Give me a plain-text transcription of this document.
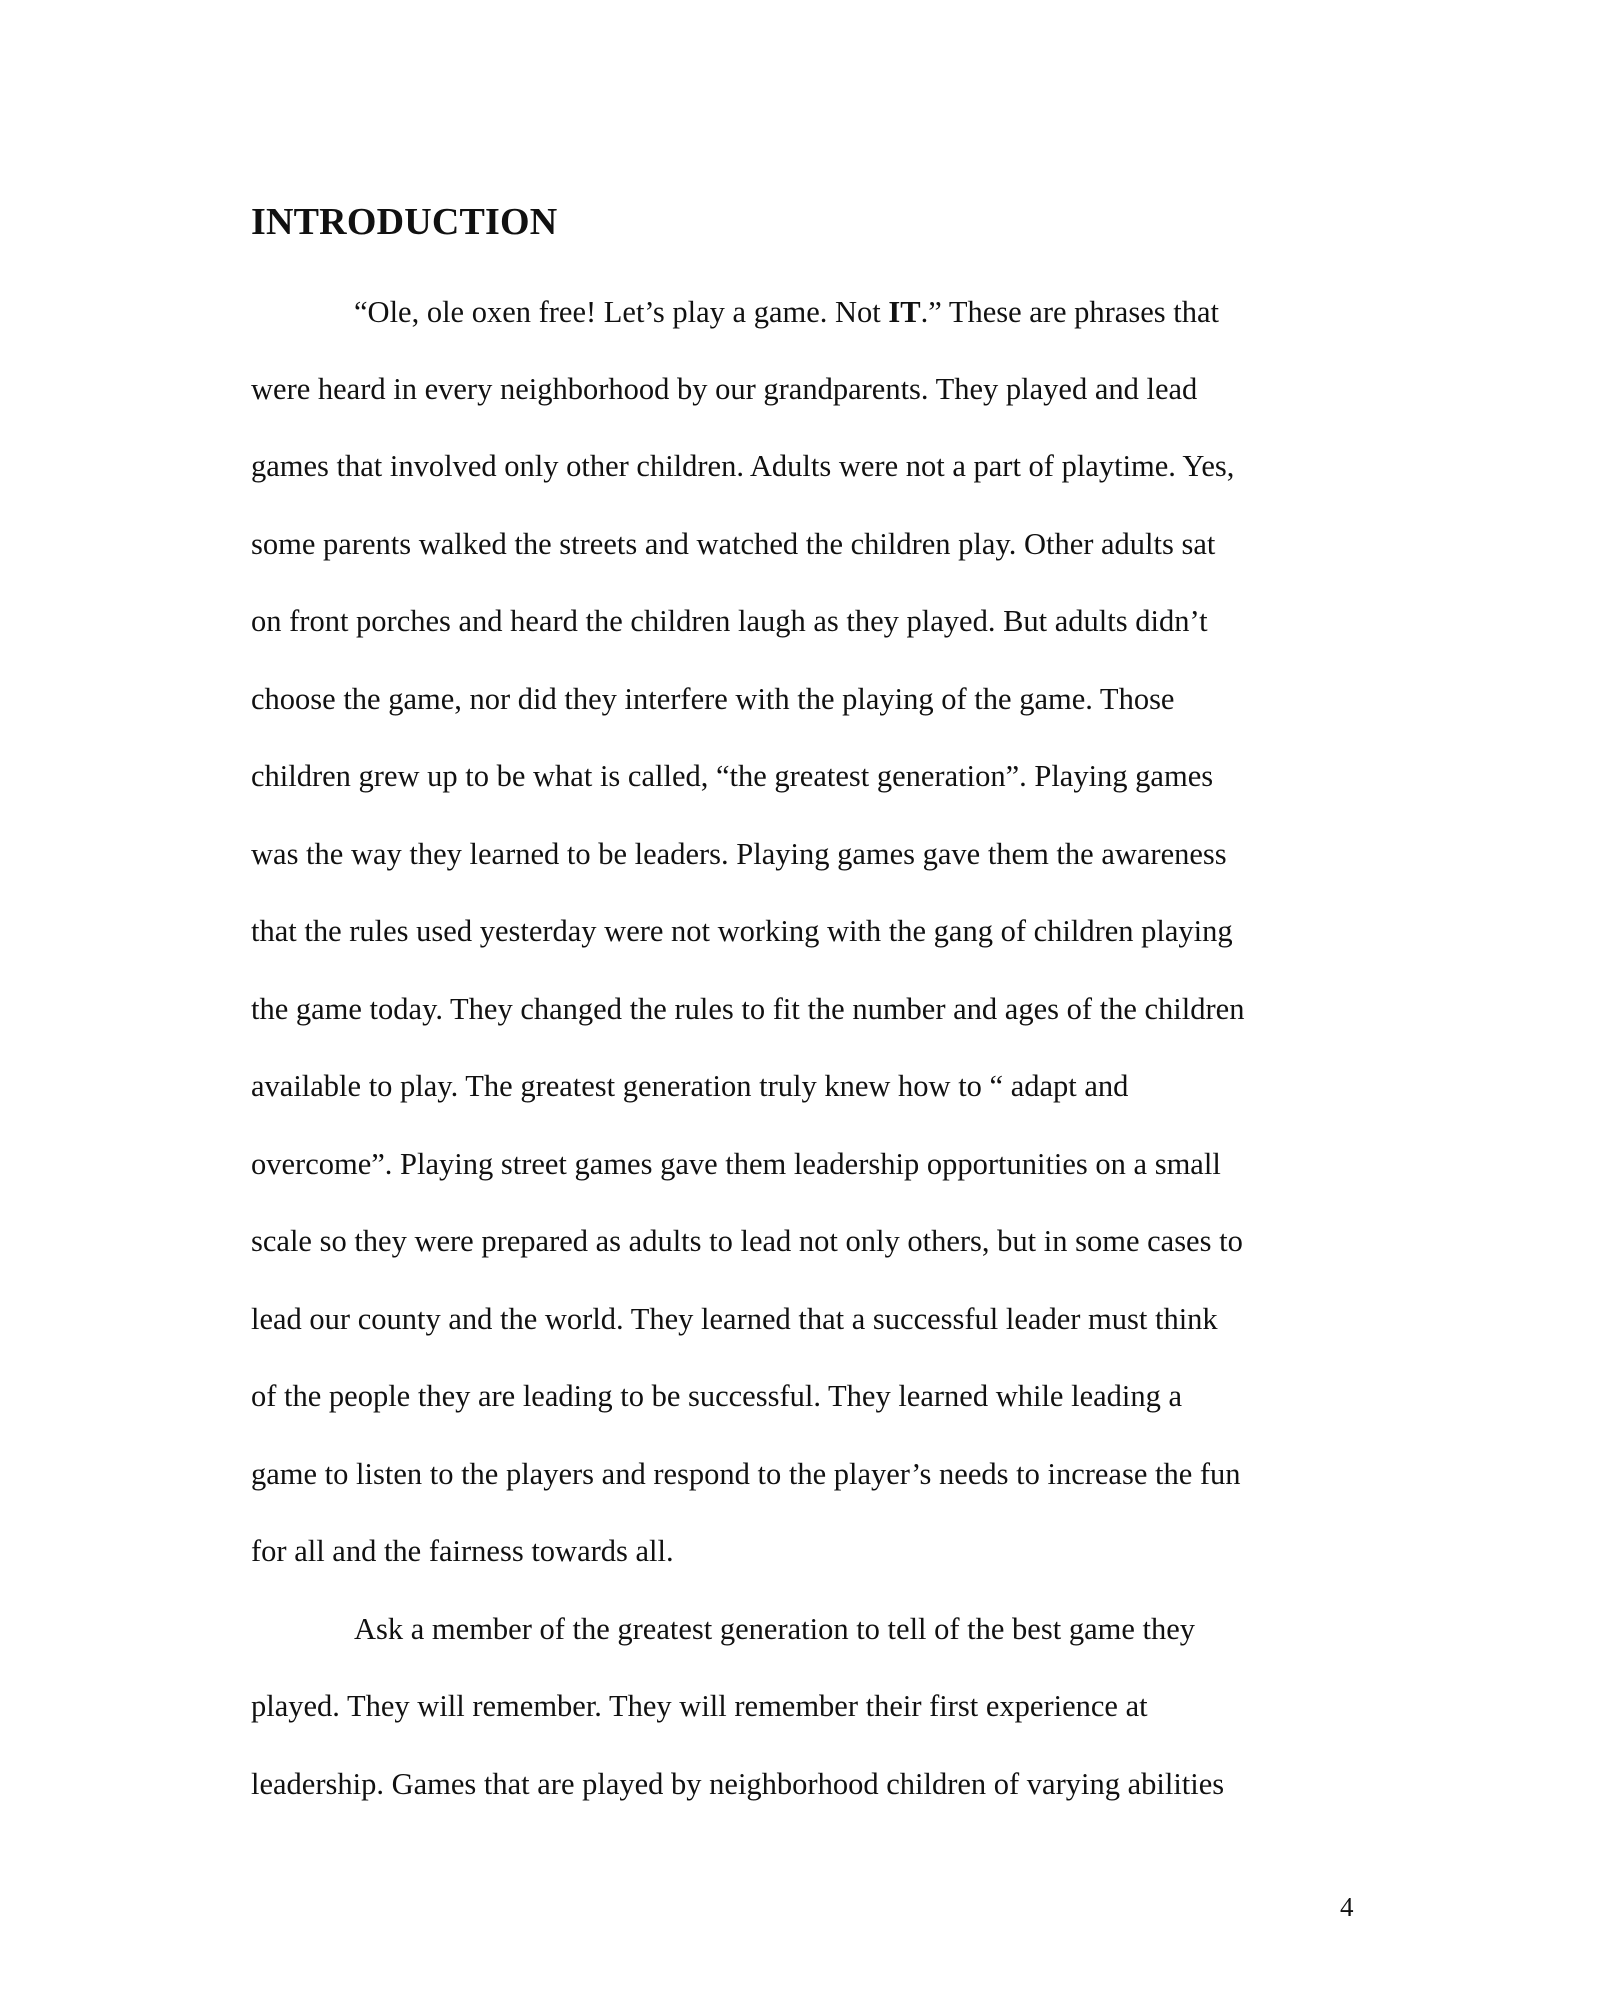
INTRODUCTION
“Ole, ole oxen free! Let’s play a game. Not IT.” These are phrases that
were heard in every neighborhood by our grandparents. They played and lead
games that involved only other children. Adults were not a part of playtime. Yes,
some parents walked the streets and watched the children play. Other adults sat
on front porches and heard the children laugh as they played. But adults didn’t
choose the game, nor did they interfere with the playing of the game. Those
children grew up to be what is called, “the greatest generation”. Playing games
was the way they learned to be leaders. Playing games gave them the awareness
that the rules used yesterday were not working with the gang of children playing
the game today. They changed the rules to fit the number and ages of the children
available to play. The greatest generation truly knew how to “ adapt and
overcome”. Playing street games gave them leadership opportunities on a small
scale so they were prepared as adults to lead not only others, but in some cases to
lead our county and the world. They learned that a successful leader must think
of the people they are leading to be successful. They learned while leading a
game to listen to the players and respond to the player’s needs to increase the fun
for all and the fairness towards all.
Ask a member of the greatest generation to tell of the best game they
played. They will remember. They will remember their first experience at
leadership. Games that are played by neighborhood children of varying abilities
4
